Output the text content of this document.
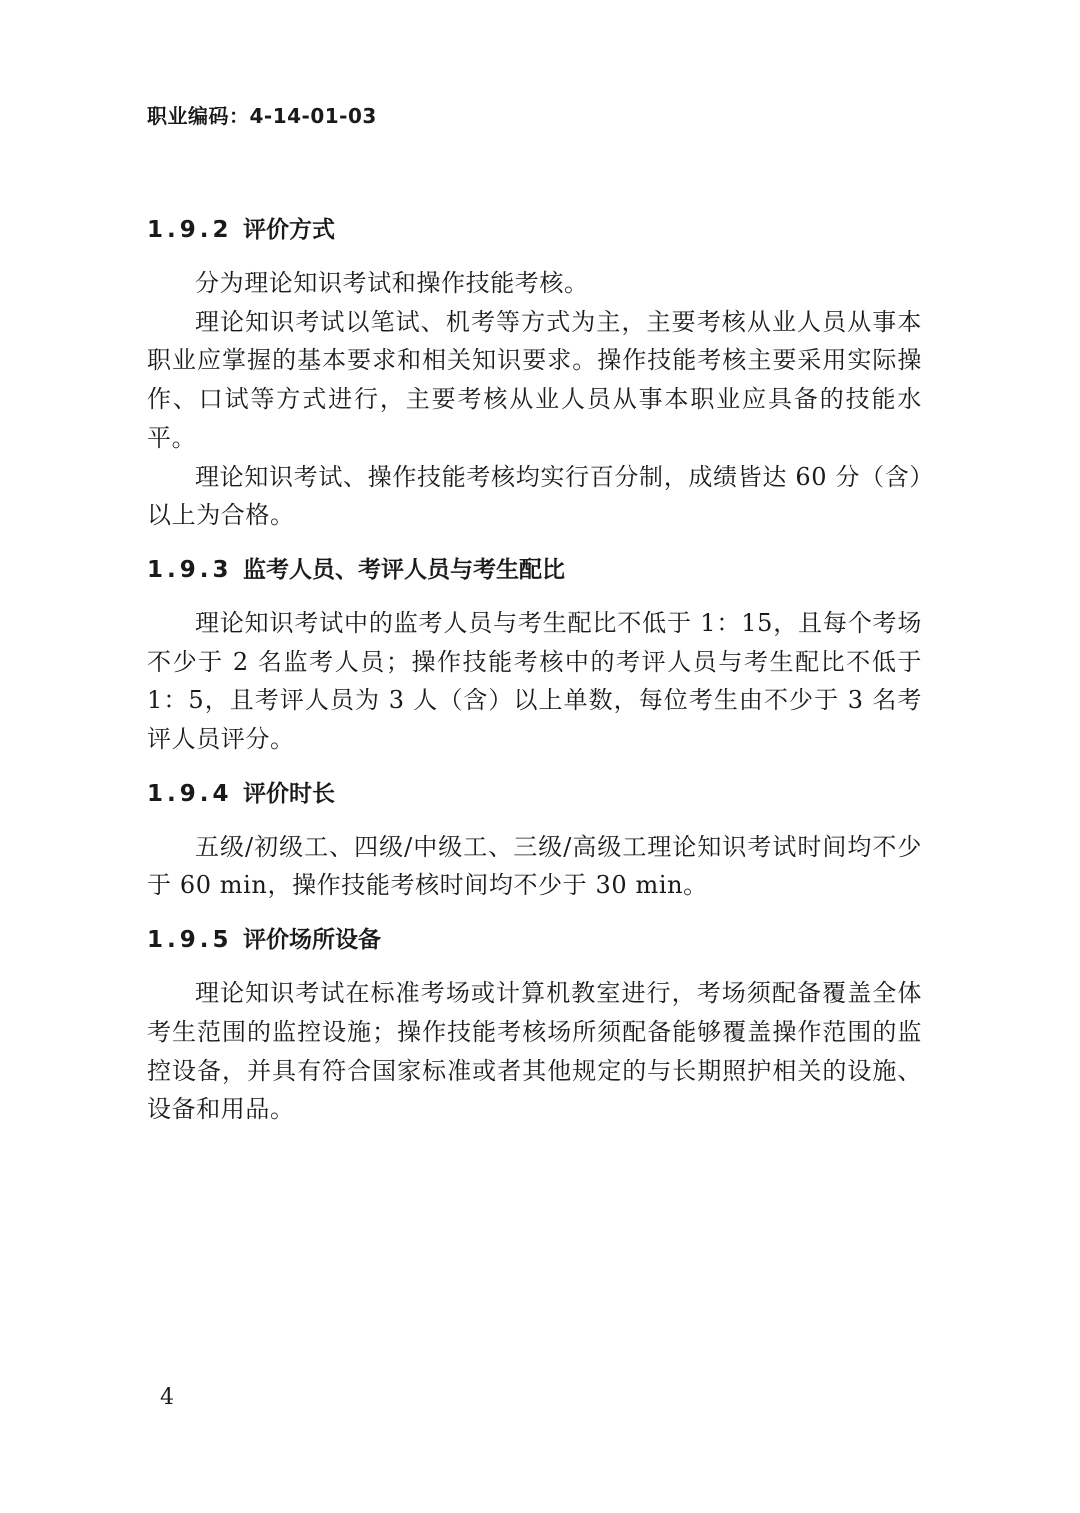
职业编码：4-14-01-03
1.9.2 评价方式

分为理论知识考试和操作技能考核。

理论知识考试以笔试、机考等方式为主，主要考核从业人员从事本职业应掌握的基本要求和相关知识要求。操作技能考核主要采用实际操作、口试等方式进行，主要考核从业人员从事本职业应具备的技能水平。

理论知识考试、操作技能考核均实行百分制，成绩皆达 60 分（含）以上为合格。

1.9.3 监考人员、考评人员与考生配比

理论知识考试中的监考人员与考生配比不低于 1：15，且每个考场不少于 2 名监考人员；操作技能考核中的考评人员与考生配比不低于 1：5，且考评人员为 3 人（含）以上单数，每位考生由不少于 3 名考评人员评分。

1.9.4 评价时长

五级/初级工、四级/中级工、三级/高级工理论知识考试时间均不少于 60 min，操作技能考核时间均不少于 30 min。

1.9.5 评价场所设备

理论知识考试在标准考场或计算机教室进行，考场须配备覆盖全体考生范围的监控设施；操作技能考核场所须配备能够覆盖操作范围的监控设备，并具有符合国家标准或者其他规定的与长期照护相关的设施、设备和用品。

4
